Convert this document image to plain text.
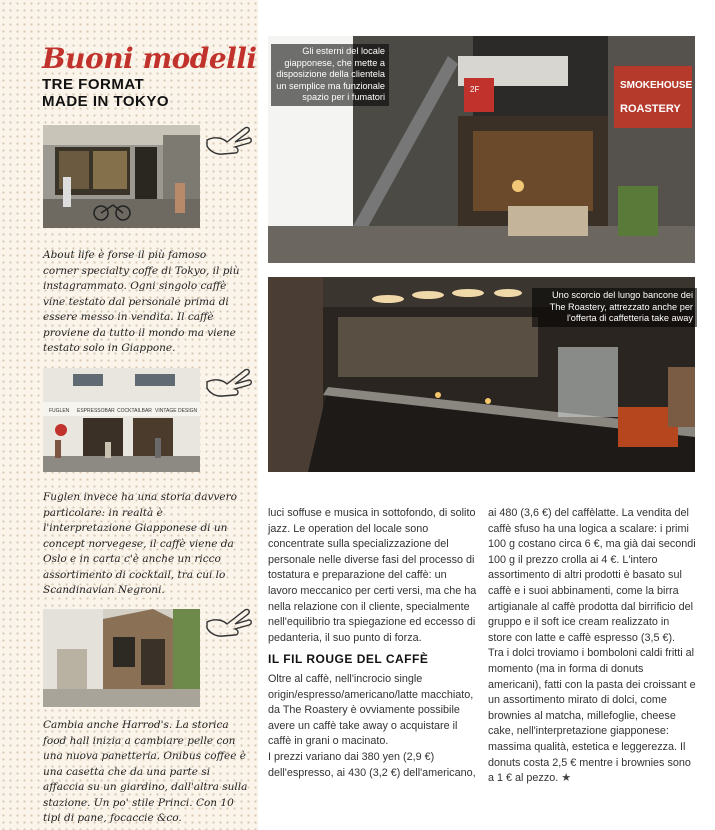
Buoni modelli
TRE FORMAT
MADE IN TOKYO
About life è forse il più famoso corner specialty coffe di Tokyo, il più instagrammato. Ogni singolo caffè vine testato dal personale prima di essere messo in vendita. Il caffè proviene da tutto il mondo ma viene testato solo in Giappone.
FUGLEN ESPRESSOBAR COCKTAILBAR VINTAGE DESIGN
Fuglen invece ha una storia davvero particolare: in realtà è l'interpretazione Giapponese di un concept norvegese, il caffè viene da Oslo e in carta c'è anche un ricco assortimento di cocktail, tra cui lo Scandinavian Negroni.
Cambia anche Harrod's. La storica food hall inizia a cambiare pelle con una nuova panetteria. Onibus coffee è una casetta che da una parte si affaccia su un giardino, dall'altra sulla stazione. Un po' stile Princi. Con 10 tipi di pane, focaccie &co.
2F	SMOKEHOUSE
ROASTERY
Gli esterni del locale giapponese, che mette a disposizione della clientela un semplice ma funzionale spazio per i fumatori
Uno scorcio del lungo bancone dei The Roastery, attrezzato anche per l'offerta di caffetteria take away

luci soffuse e musica in sottofondo, di solito jazz. Le operation del locale sono concentrate sulla specializzazione del personale nelle diverse fasi del processo di tostatura e preparazione del caffè: un lavoro meccanico per certi versi, ma che ha nella relazione con il cliente, specialmente nell'equilibrio tra spiegazione ed eccesso di pedanteria, il suo punto di forza.

IL FIL ROUGE DEL CAFFÈ

Oltre al caffè, nell'incrocio single origin/espresso/americano/latte macchiato, da The Roastery è ovviamente possibile avere un caffè take away o acquistare il caffè in grani o macinato.

I prezzi variano dai 380 yen (2,9 €) dell'espresso, ai 430 (3,2 €) dell'americano,

ai 480 (3,6 €) del caffèlatte. La vendita del caffè sfuso ha una logica a scalare: i primi 100 g costano circa 6 €, ma già dai secondi 100 g il prezzo crolla ai 4 €. L'intero assortimento di altri prodotti è basato sul caffè e i suoi abbinamenti, come la birra artigianale al caffè prodotta dal birrificio del gruppo e il soft ice cream realizzato in store con latte e caffè espresso (3,5 €).

Tra i dolci troviamo i bomboloni caldi fritti al momento (ma in forma di donuts americani), fatti con la pasta dei croissant e un assortimento mirato di dolci, come brownies al matcha, millefoglie, cheese cake, nell'interpretazione giapponese: massima qualità, estetica e leggerezza. Il donuts costa 2,5 € mentre i brownies sono a 1 € al pezzo. ★
